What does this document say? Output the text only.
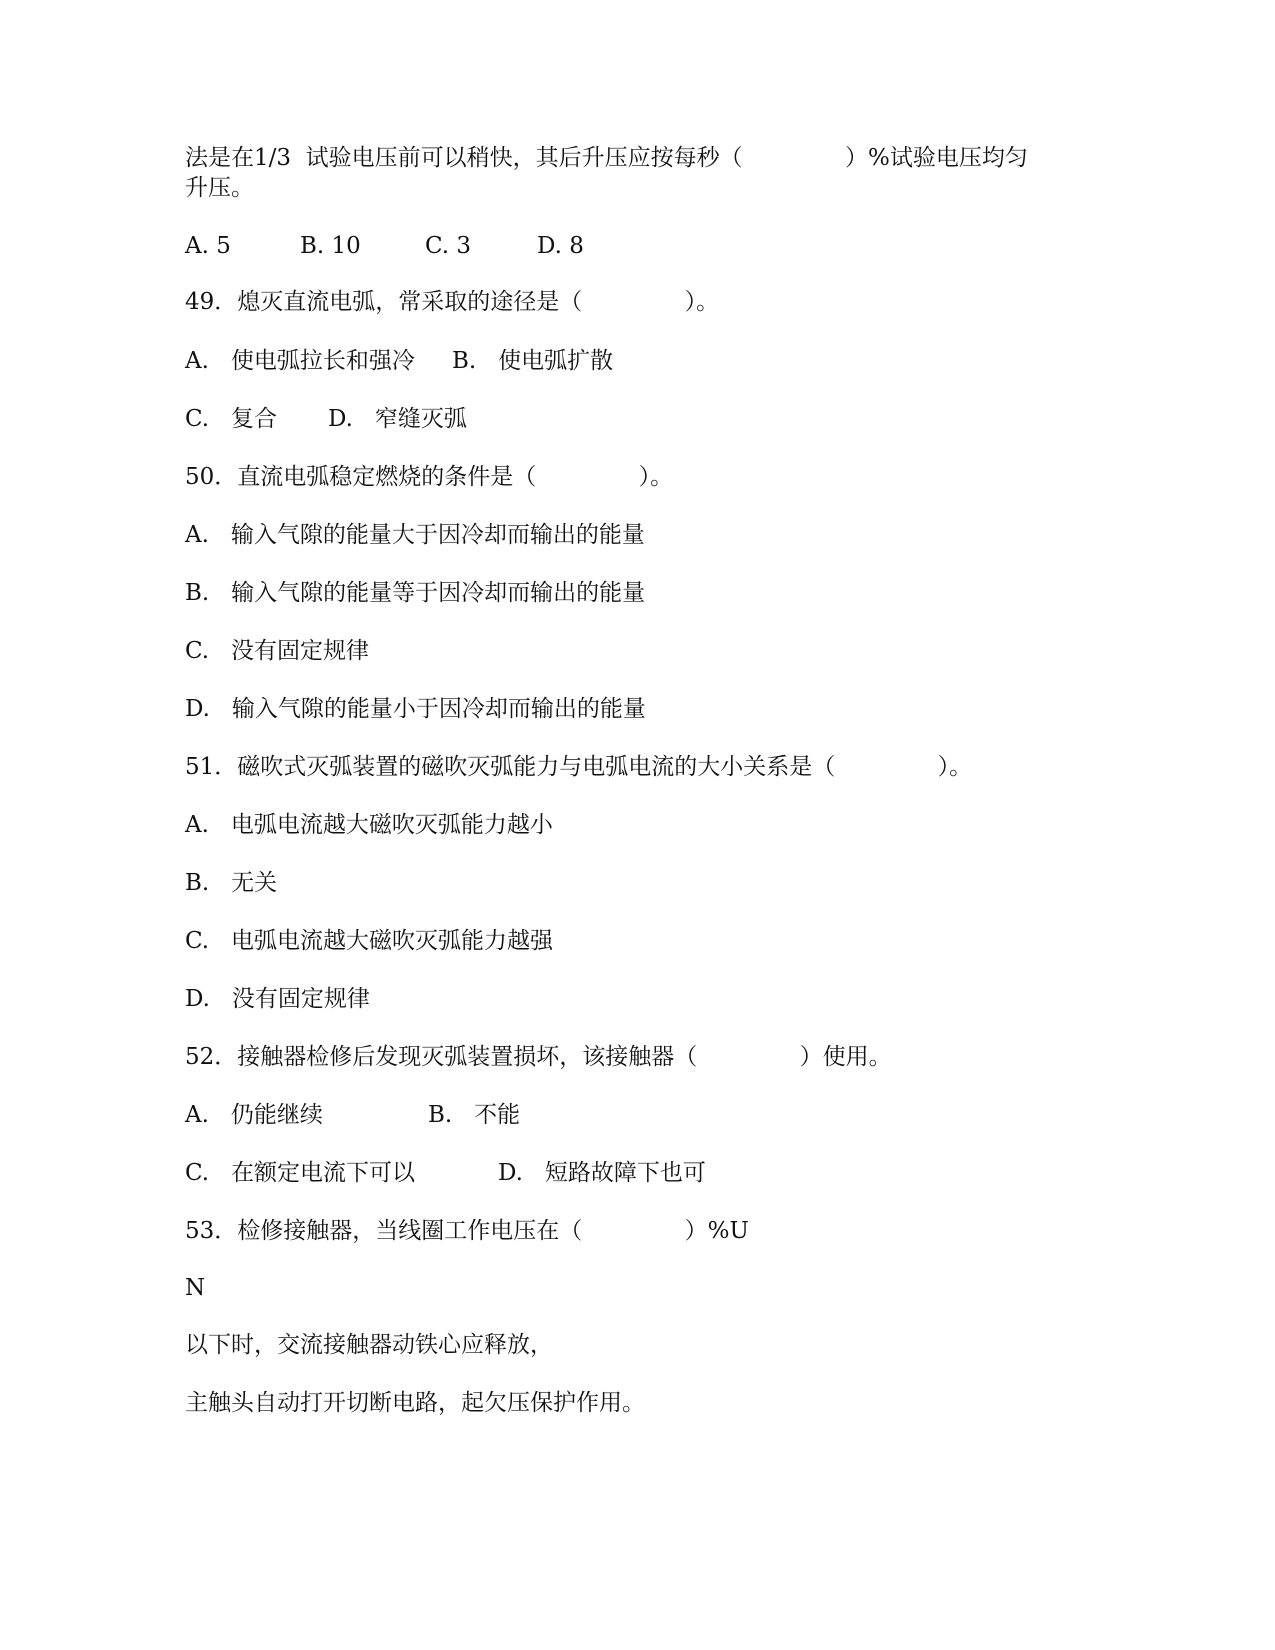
法是在1/3  试验电压前可以稍快，其后升压应按每秒（              ）%试验电压均匀
升压。
A. 5	B. 10	C. 3	D. 8
49．熄灭直流电弧，常采取的途径是（              ）。
A.   使电弧拉长和强冷 B.   使电弧扩散
C.   复合 D.   窄缝灭弧
50．直流电弧稳定燃烧的条件是（              ）。
A.   输入气隙的能量大于因冷却而输出的能量
B.   输入气隙的能量等于因冷却而输出的能量
C.   没有固定规律
D.   输入气隙的能量小于因冷却而输出的能量
51．磁吹式灭弧装置的磁吹灭弧能力与电弧电流的大小关系是（              ）。
A.   电弧电流越大磁吹灭弧能力越小
B.   无关
C.   电弧电流越大磁吹灭弧能力越强
D.   没有固定规律
52．接触器检修后发现灭弧装置损坏，该接触器（              ）使用。
A.   仍能继续	B.   不能
C.   在额定电流下可以	D.   短路故障下也可
53．检修接触器，当线圈工作电压在（              ）%U
N
以下时，交流接触器动铁心应释放，
主触头自动打开切断电路，起欠压保护作用。
